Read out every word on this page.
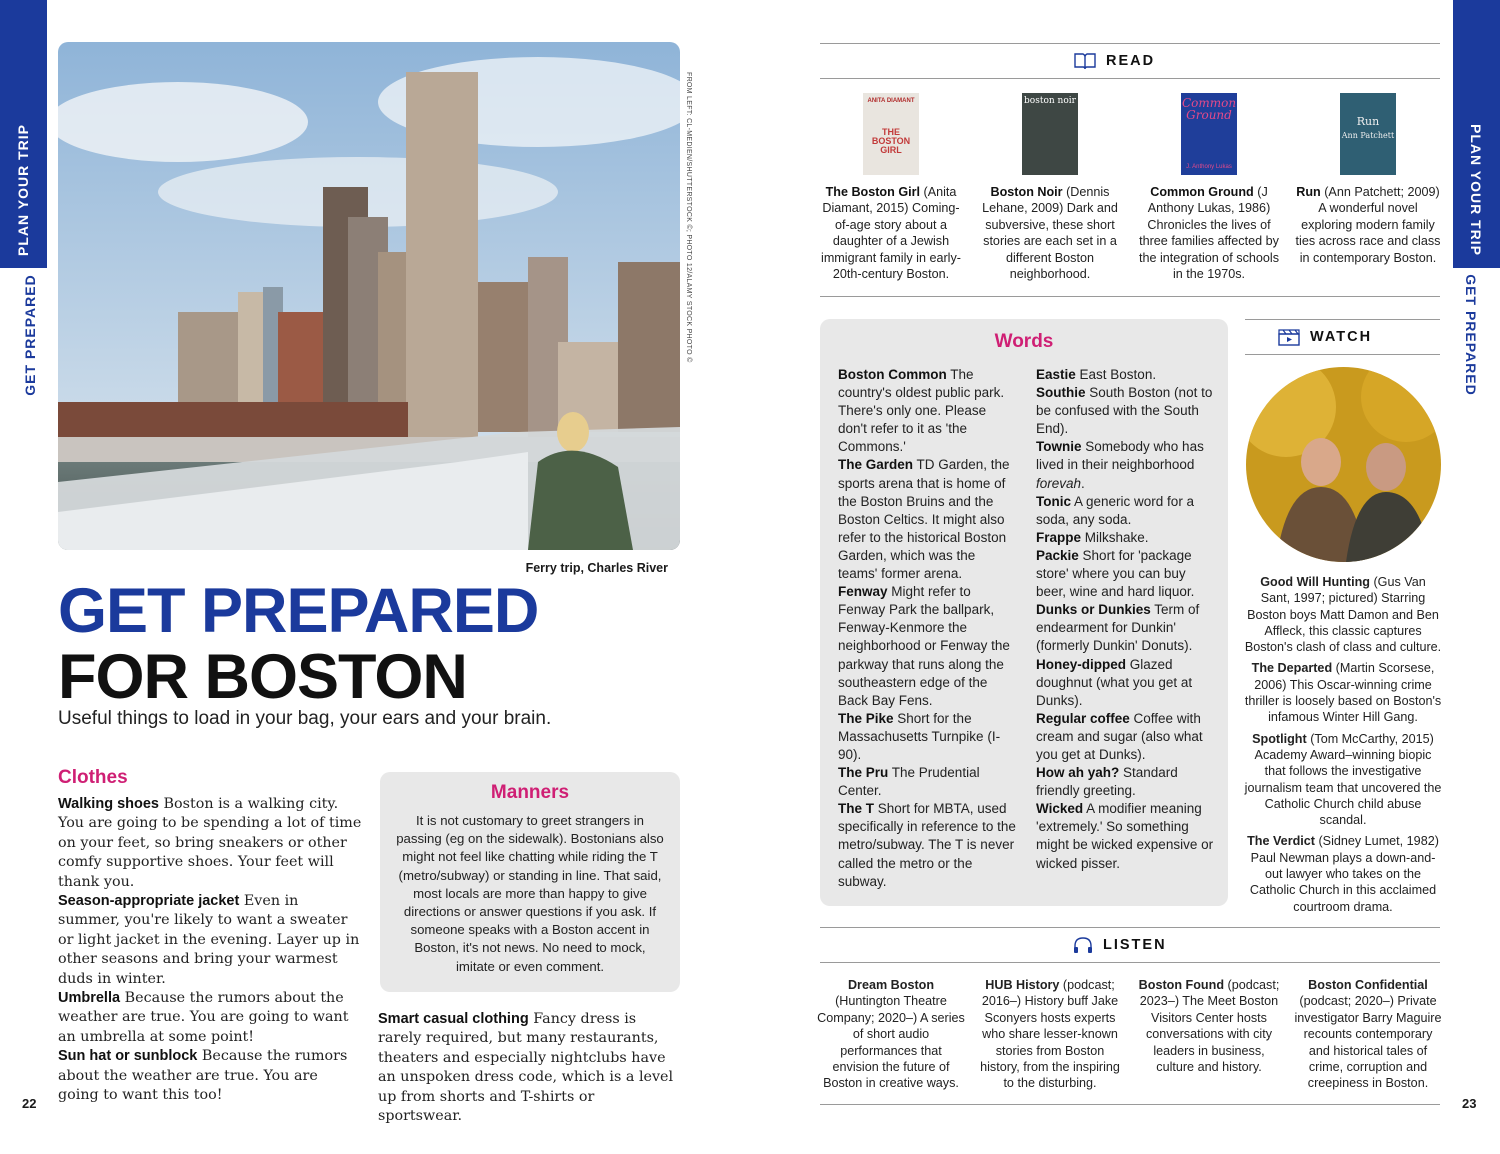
PLAN YOUR TRIP
GET PREPARED
PLAN YOUR TRIP
GET PREPARED
22	23
FROM LEFT: CL-MEDIEN/SHUTTERSTOCK ©; PHOTO 12/ALAMY STOCK PHOTO ©
Ferry trip, Charles River
GET PREPARED
FOR BOSTON
Useful things to load in your bag, your ears and your brain.
Clothes
Walking shoes Boston is a walking city. You are going to be spending a lot of time on your feet, so bring sneakers or other comfy supportive shoes. Your feet will thank you.
Season-appropriate jacket Even in summer, you're likely to want a sweater or light jacket in the evening. Layer up in other seasons and bring your warmest duds in winter.
Umbrella Because the rumors about the weather are true. You are going to want an umbrella at some point!
Sun hat or sunblock Because the rumors about the weather are true. You are going to want this too!
Manners

It is not customary to greet strangers in passing (eg on the sidewalk). Bostonians also might not feel like chatting while riding the T (metro/subway) or standing in line. That said, most locals are more than happy to give directions or answer questions if you ask. If someone speaks with a Boston accent in Boston, it's not news. No need to mock, imitate or even comment.

Smart casual clothing Fancy dress is rarely required, but many restaurants, theaters and especially nightclubs have an unspoken dress code, which is a level up from shorts and T-shirts or sportswear.
READ
ANITA DIAMANT
THE BOSTON GIRL
The Boston Girl (Anita Diamant, 2015) Coming-of-age story about a daughter of a Jewish immigrant family in early-20th-century Boston.
boston noir
Boston Noir (Dennis Lehane, 2009) Dark and subversive, these short stories are each set in a different Boston neighborhood.
Common Ground
J. Anthony Lukas
Common Ground (J Anthony Lukas, 1986) Chronicles the lives of three families affected by the integration of schools in the 1970s.
Run
Ann Patchett
Run (Ann Patchett; 2009) A wonderful novel exploring modern family ties across race and class in contemporary Boston.
Words
Boston Common The country's oldest public park. There's only one. Please don't refer to it as 'the Commons.'
The Garden TD Garden, the sports arena that is home of the Boston Bruins and the Boston Celtics. It might also refer to the historical Boston Garden, which was the teams' former arena.
Fenway Might refer to Fenway Park the ballpark, Fenway-Kenmore the neighborhood or Fenway the parkway that runs along the southeastern edge of the Back Bay Fens.
The Pike Short for the Massachusetts Turnpike (I-90).
The Pru The Prudential Center.
The T Short for MBTA, used specifically in reference to the metro/subway. The T is never called the metro or the subway.
Eastie East Boston.
Southie South Boston (not to be confused with the South End).
Townie Somebody who has lived in their neighborhood forevah.
Tonic A generic word for a soda, any soda.
Frappe Milkshake.
Packie Short for 'package store' where you can buy beer, wine and hard liquor.
Dunks or Dunkies Term of endearment for Dunkin' (formerly Dunkin' Donuts).
Honey-dipped Glazed doughnut (what you get at Dunks).
Regular coffee Coffee with cream and sugar (also what you get at Dunks).
How ah yah? Standard friendly greeting.
Wicked A modifier meaning 'extremely.' So something might be wicked expensive or wicked pisser.
WATCH

Good Will Hunting (Gus Van Sant, 1997; pictured) Starring Boston boys Matt Damon and Ben Affleck, this classic captures Boston's clash of class and culture.

The Departed (Martin Scorsese, 2006) This Oscar-winning crime thriller is loosely based on Boston's infamous Winter Hill Gang.

Spotlight (Tom McCarthy, 2015) Academy Award–winning biopic that follows the investigative journalism team that uncovered the Catholic Church child abuse scandal.

The Verdict (Sidney Lumet, 1982) Paul Newman plays a down-and-out lawyer who takes on the Catholic Church in this acclaimed courtroom drama.

LISTEN
Dream Boston (Huntington Theatre Company; 2020–) A series of short audio performances that envision the future of Boston in creative ways.
HUB History (podcast; 2016–) History buff Jake Sconyers hosts experts who share lesser-known stories from Boston history, from the inspiring to the disturbing.
Boston Found (podcast; 2023–) The Meet Boston Visitors Center hosts conversations with city leaders in business, culture and history.
Boston Confidential (podcast; 2020–) Private investigator Barry Maguire recounts contemporary and historical tales of crime, corruption and creepiness in Boston.
